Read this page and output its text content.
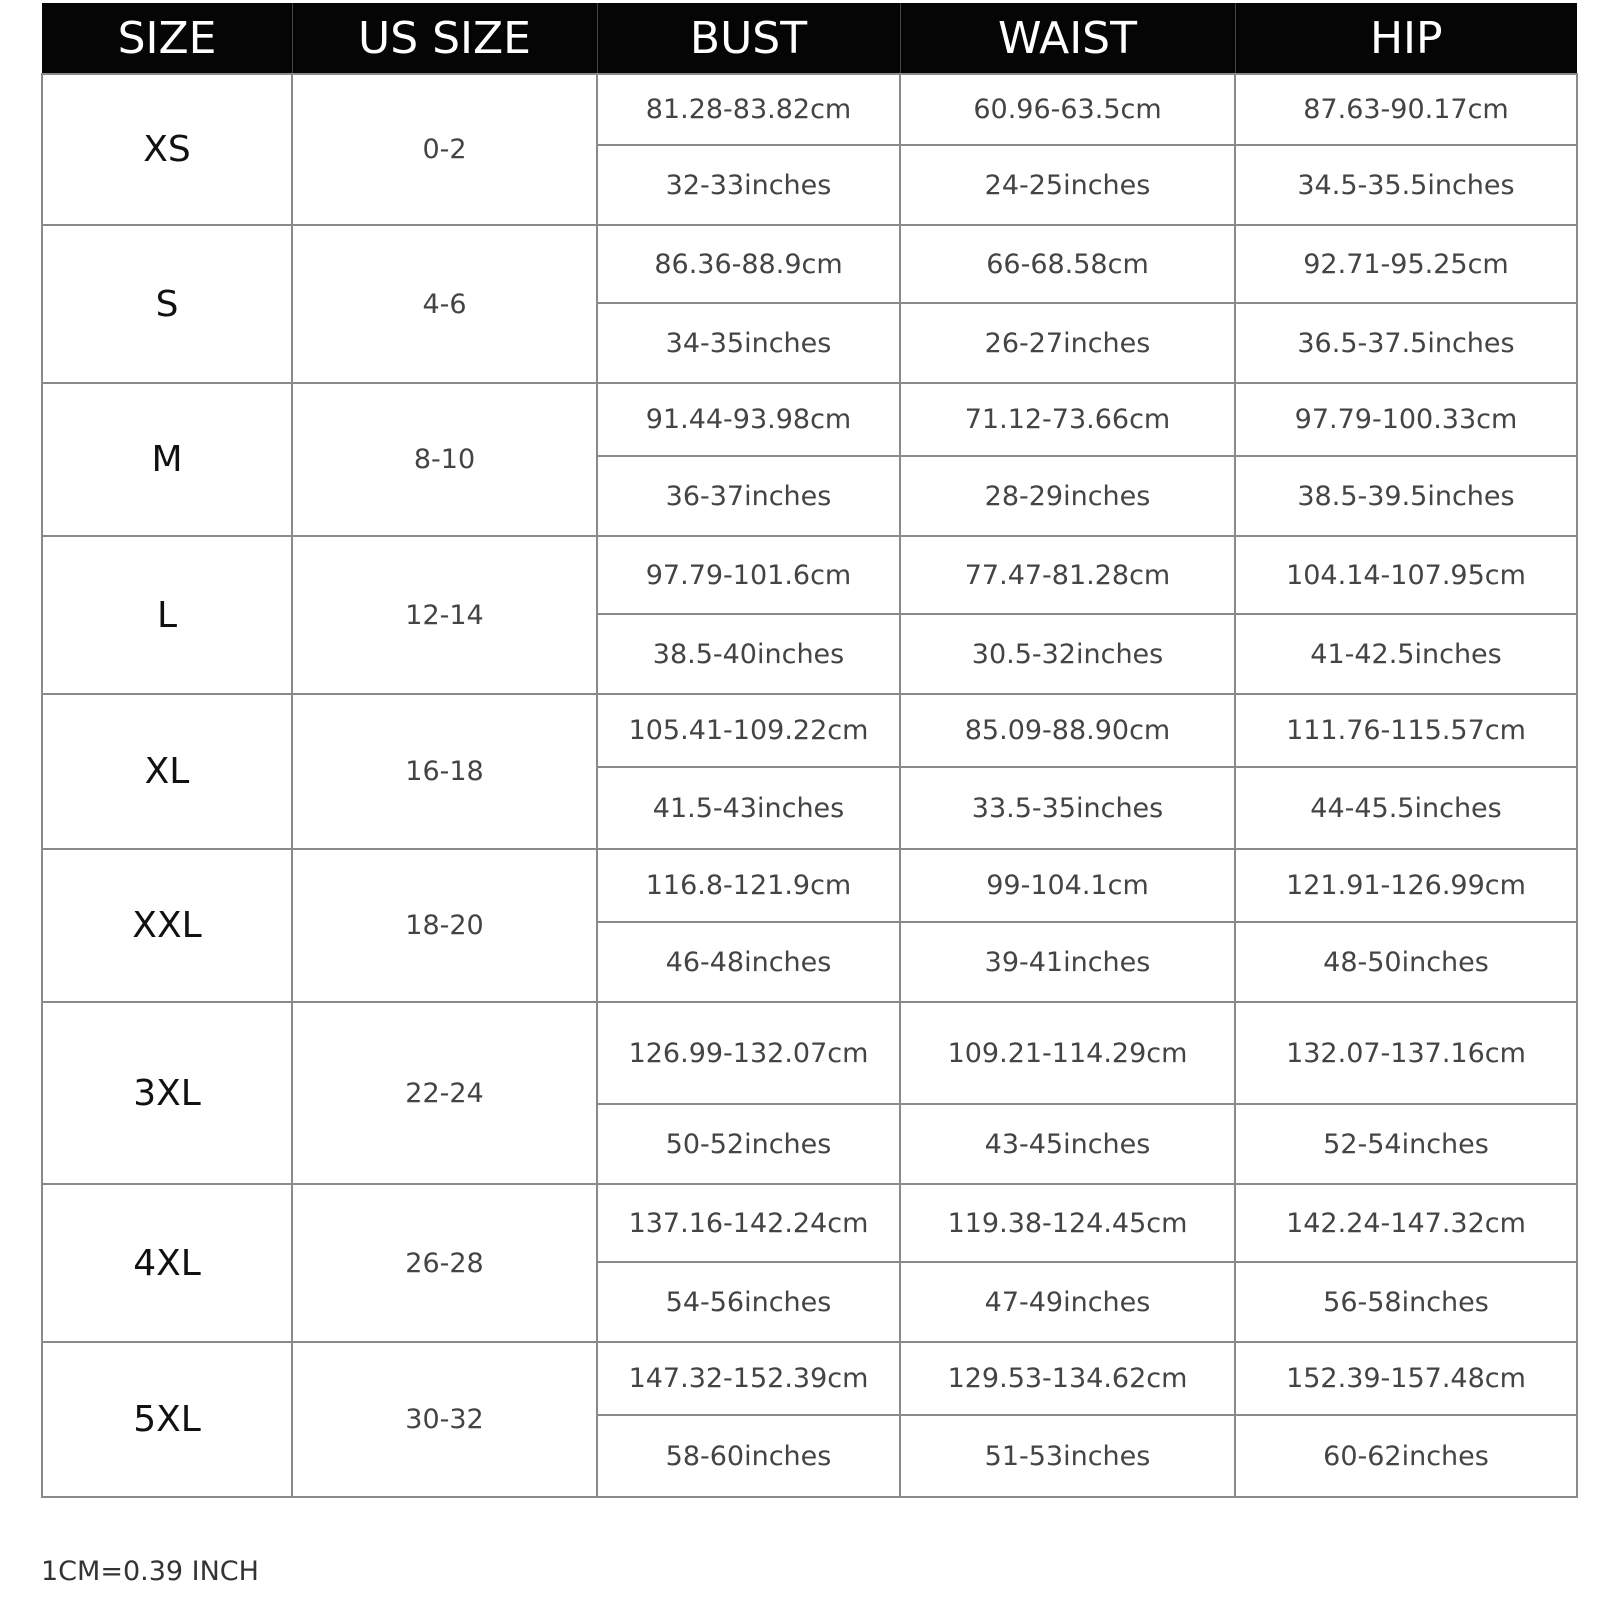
SIZE	US SIZE	BUST	WAIST	HIP
XS	0-2	81.28-83.82cm	60.96-63.5cm	87.63-90.17cm
		32-33inches	24-25inches	34.5-35.5inches
S	4-6	86.36-88.9cm	66-68.58cm	92.71-95.25cm
		34-35inches	26-27inches	36.5-37.5inches
M	8-10	91.44-93.98cm	71.12-73.66cm	97.79-100.33cm
		36-37inches	28-29inches	38.5-39.5inches
L	12-14	97.79-101.6cm	77.47-81.28cm	104.14-107.95cm
		38.5-40inches	30.5-32inches	41-42.5inches
XL	16-18	105.41-109.22cm	85.09-88.90cm	111.76-115.57cm
		41.5-43inches	33.5-35inches	44-45.5inches
XXL	18-20	116.8-121.9cm	99-104.1cm	121.91-126.99cm
		46-48inches	39-41inches	48-50inches
3XL	22-24	126.99-132.07cm	109.21-114.29cm	132.07-137.16cm
		50-52inches	43-45inches	52-54inches
4XL	26-28	137.16-142.24cm	119.38-124.45cm	142.24-147.32cm
		54-56inches	47-49inches	56-58inches
5XL	30-32	147.32-152.39cm	129.53-134.62cm	152.39-157.48cm
		58-60inches	51-53inches	60-62inches
1CM=0.39 INCH
